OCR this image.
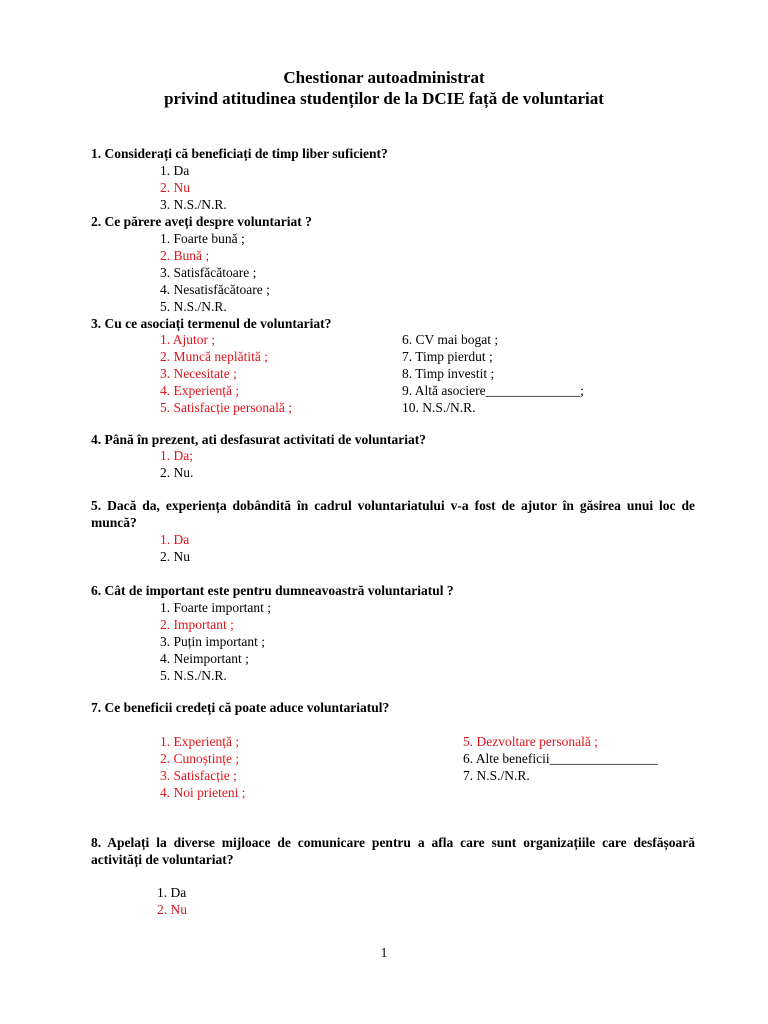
Chestionar autoadministrat
privind atitudinea studenților de la DCIE față de voluntariat
1. Considerați că beneficiați de timp liber suficient?
1. Da
2. Nu
3. N.S./N.R.
2. Ce părere aveți despre voluntariat ?
1. Foarte bună ;
2. Bună ;
3. Satisfăcătoare ;
4. Nesatisfăcătoare ;
5. N.S./N.R.
3. Cu ce asociați termenul de voluntariat?
1. Ajutor ;
2. Muncă neplătită ;
3. Necesitate ;
4. Experiență ;
5. Satisfacție personală ;
6. CV mai bogat ;
7. Timp pierdut ;
8. Timp investit ;
9. Altă asociere______________;
10. N.S./N.R.
4. Până în prezent, ati desfasurat activitati de voluntariat?
1. Da;
2. Nu.
5. Dacă da, experiența dobândită în cadrul voluntariatului v-a fost de ajutor în găsirea unui loc de muncă?
1. Da
2. Nu
6. Cât de important este pentru dumneavoastră voluntariatul ?
1. Foarte important ;
2. Important ;
3. Puțin important ;
4. Neimportant ;
5. N.S./N.R.
7. Ce beneficii credeți că poate aduce voluntariatul?
1. Experiență ;
2. Cunoștințe ;
3. Satisfacție ;
4. Noi prieteni ;
5. Dezvoltare personală ;
6. Alte beneficii________________
7. N.S./N.R.
8. Apelați la diverse mijloace de comunicare pentru a afla care sunt organizațiile care desfășoară activități de voluntariat?
1. Da
2. Nu
1
